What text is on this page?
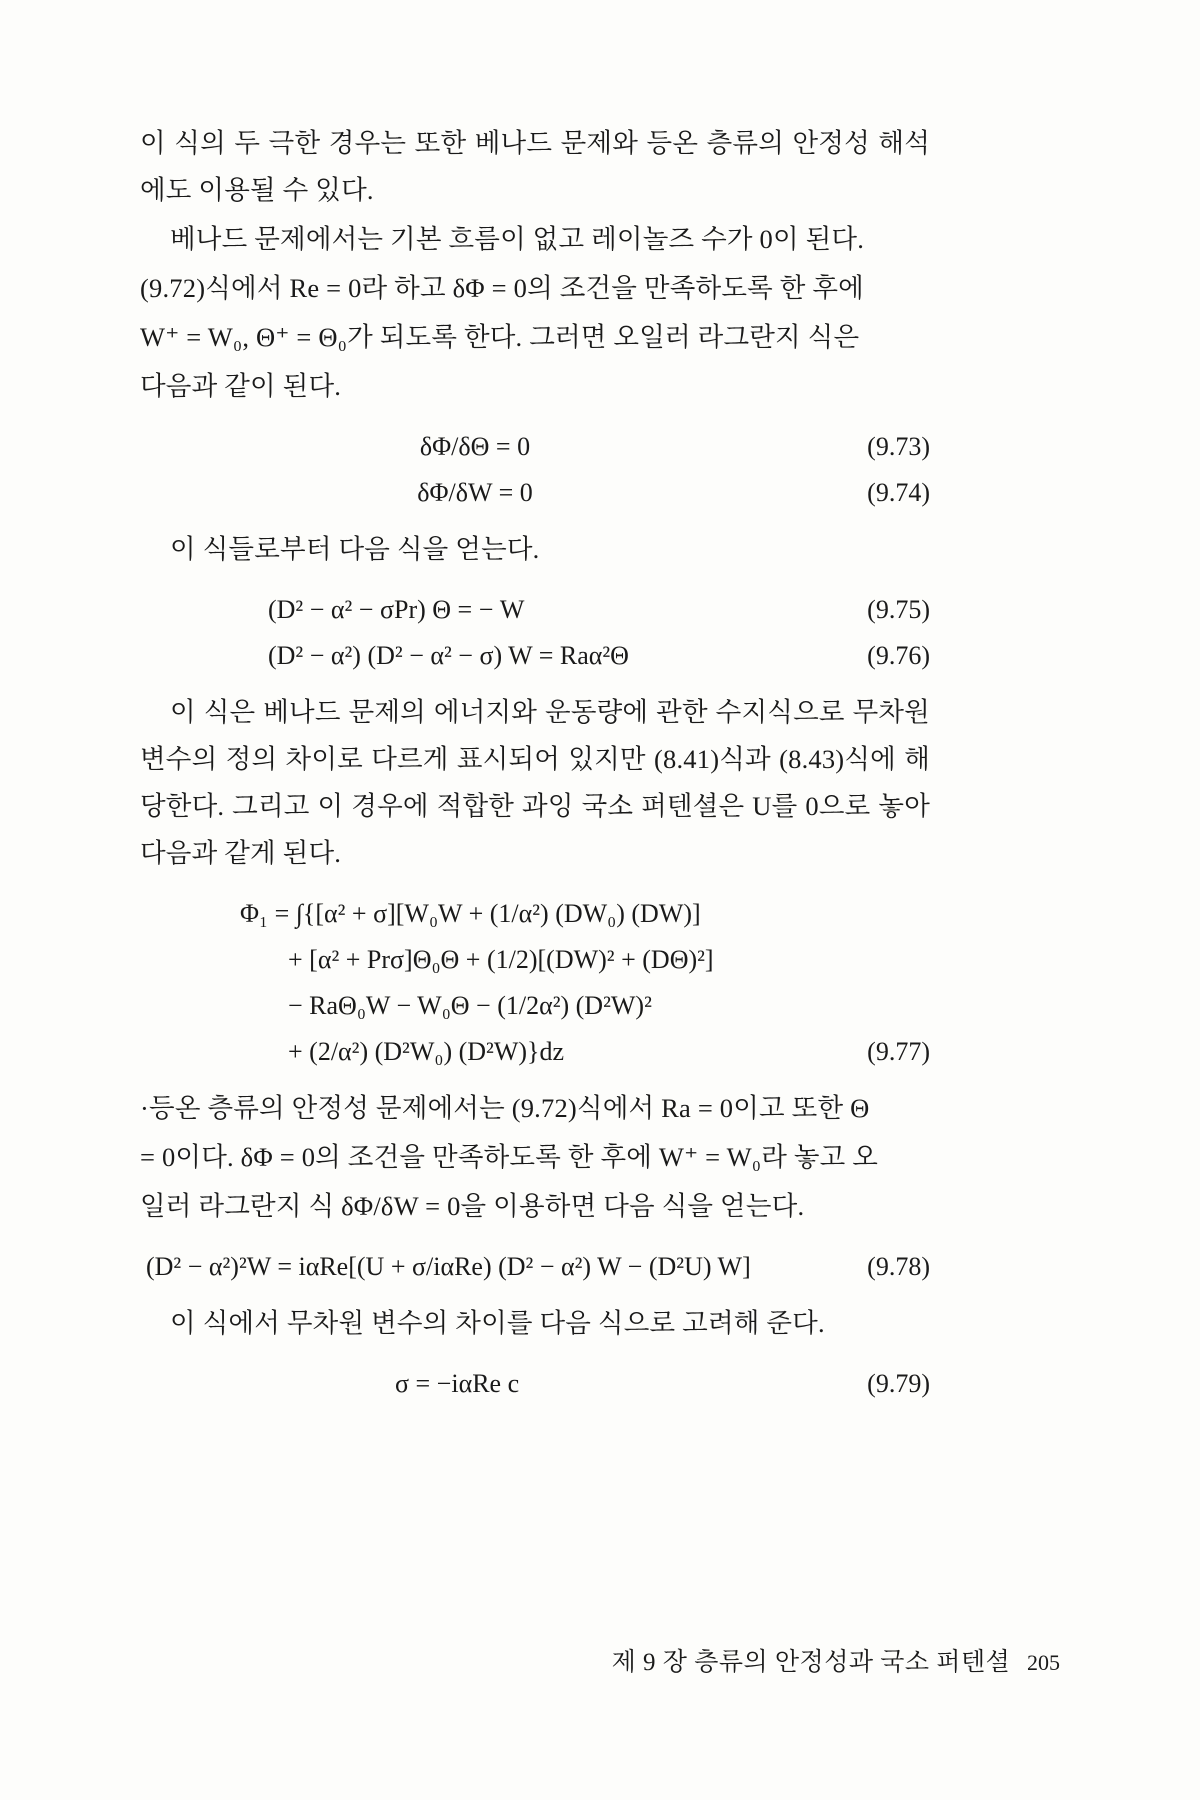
이 식의 두 극한 경우는 또한 베나드 문제와 등온 층류의 안정성 해석에도 이용될 수 있다.

베나드 문제에서는 기본 흐름이 없고 레이놀즈 수가 0이 된다.

(9.72)식에서 Re = 0라 하고 δΦ = 0의 조건을 만족하도록 한 후에

W⁺ = W₀, Θ⁺ = Θ₀가 되도록 한다. 그러면 오일러 라그란지 식은

다음과 같이 된다.

δΦ/δΘ = 0	(9.73)
δΦ/δW = 0	(9.74)

이 식들로부터 다음 식을 얻는다.

(D² − α² − σPr) Θ = − W	(9.75)
(D² − α²) (D² − α² − σ) W = Raα²Θ	(9.76)

이 식은 베나드 문제의 에너지와 운동량에 관한 수지식으로 무차원 변수의 정의 차이로 다르게 표시되어 있지만 (8.41)식과 (8.43)식에 해당한다. 그리고 이 경우에 적합한 과잉 국소 퍼텐셜은 U를 0으로 놓아 다음과 같게 된다.

Φ₁ = ∫{[α² + σ][W₀W + (1/α²) (DW₀) (DW)]
+ [α² + Prσ]Θ₀Θ + (1/2)[(DW)² + (DΘ)²]
− RaΘ₀W − W₀Θ − (1/2α²) (D²W)²
+ (2/α²) (D²W₀) (D²W)}dz	(9.77)

·등온 층류의 안정성 문제에서는 (9.72)식에서 Ra = 0이고 또한 Θ

= 0이다. δΦ = 0의 조건을 만족하도록 한 후에 W⁺ = W₀라 놓고 오

일러 라그란지 식 δΦ/δW = 0을 이용하면 다음 식을 얻는다.

(D² − α²)²W = iαRe[(U + σ/iαRe) (D² − α²) W − (D²U) W]	(9.78)

이 식에서 무차원 변수의 차이를 다음 식으로 고려해 준다.

σ = −iαRe c	(9.79)
제 9 장 층류의 안정성과 국소 퍼텐셜 205
